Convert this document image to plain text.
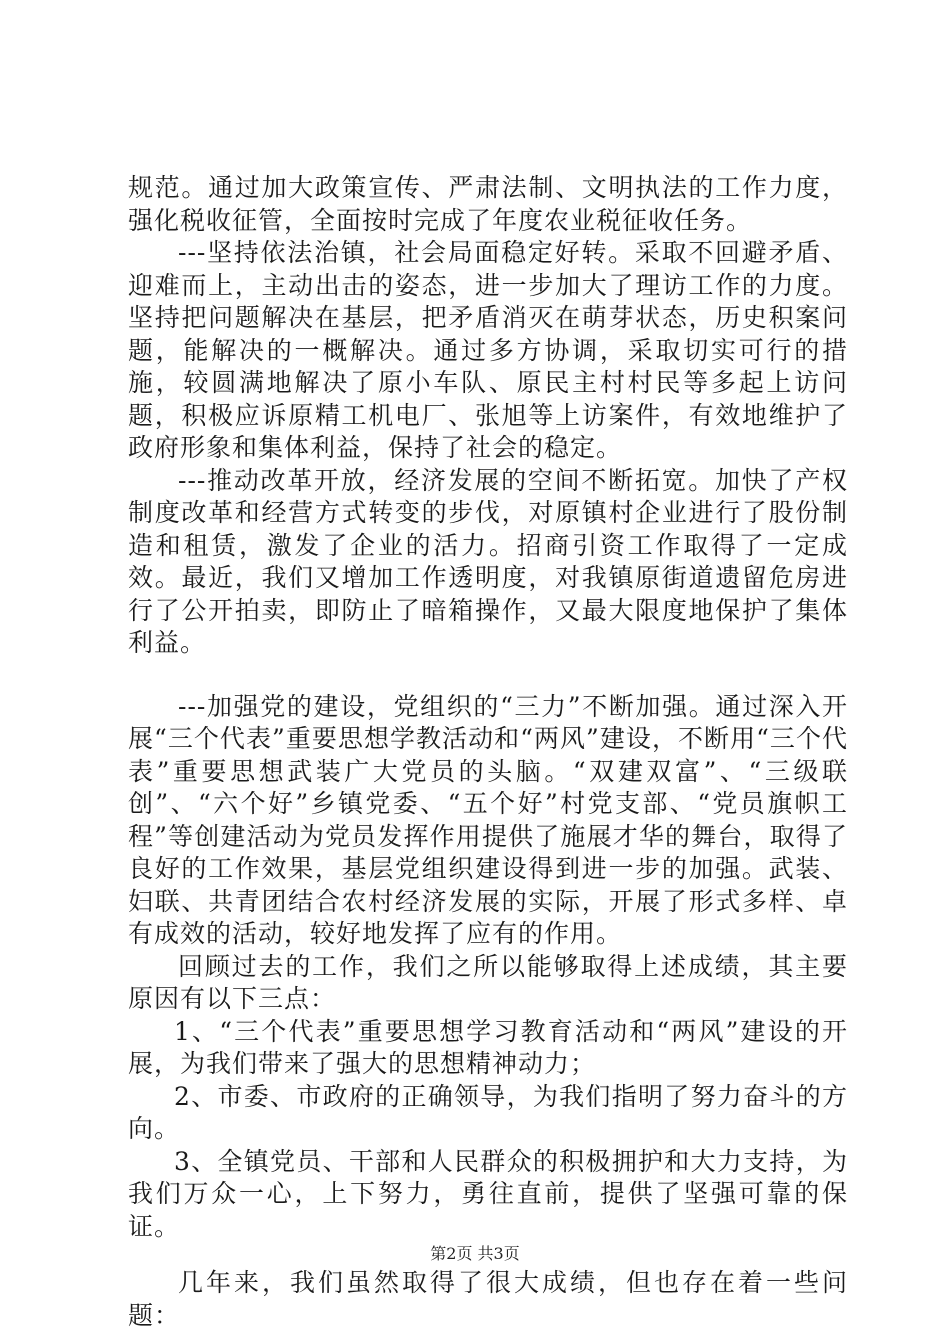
规范。通过加大政策宣传、严肃法制、文明执法的工作力度，强化税收征管，全面按时完成了年度农业税征收任务。

---坚持依法治镇，社会局面稳定好转。采取不回避矛盾、迎难而上，主动出击的姿态，进一步加大了理访工作的力度。坚持把问题解决在基层，把矛盾消灭在萌芽状态，历史积案问题，能解决的一概解决。通过多方协调，采取切实可行的措施，较圆满地解决了原小车队、原民主村村民等多起上访问题，积极应诉原精工机电厂、张旭等上访案件，有效地维护了政府形象和集体利益，保持了社会的稳定。

---推动改革开放，经济发展的空间不断拓宽。加快了产权制度改革和经营方式转变的步伐，对原镇村企业进行了股份制造和租赁，激发了企业的活力。招商引资工作取得了一定成效。最近，我们又增加工作透明度，对我镇原街道遗留危房进行了公开拍卖，即防止了暗箱操作，又最大限度地保护了集体利益。

---加强党的建设，党组织的“三力”不断加强。通过深入开展“三个代表”重要思想学教活动和“两风”建设，不断用“三个代表”重要思想武装广大党员的头脑。“双建双富”、“三级联创”、“六个好”乡镇党委、“五个好”村党支部、“党员旗帜工程”等创建活动为党员发挥作用提供了施展才华的舞台，取得了良好的工作效果，基层党组织建设得到进一步的加强。武装、妇联、共青团结合农村经济发展的实际，开展了形式多样、卓有成效的活动，较好地发挥了应有的作用。

回顾过去的工作，我们之所以能够取得上述成绩，其主要原因有以下三点：

1、“三个代表”重要思想学习教育活动和“两风”建设的开展，为我们带来了强大的思想精神动力；

2、市委、市政府的正确领导，为我们指明了努力奋斗的方向。

3、全镇党员、干部和人民群众的积极拥护和大力支持，为我们万众一心，上下努力，勇往直前，提供了坚强可靠的保证。

几年来，我们虽然取得了很大成绩，但也存在着一些问题：

第2页 共3页
